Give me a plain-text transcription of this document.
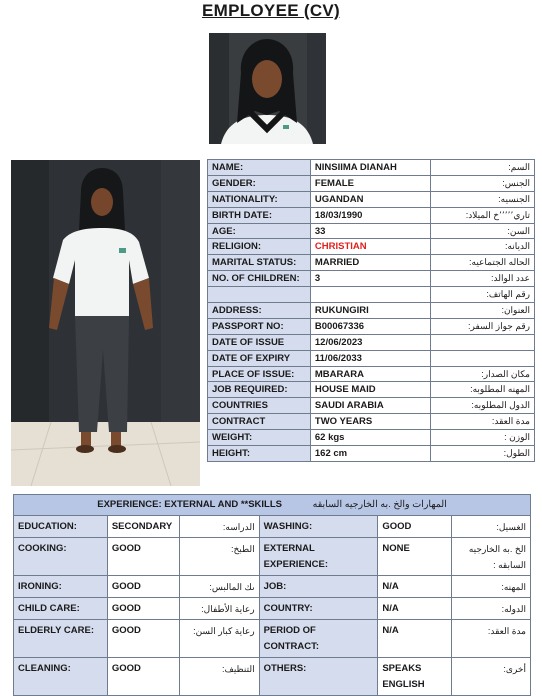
EMPLOYEE (CV)
NAME:	NINSIIMA DIANAH	السم:
GENDER:	FEMALE	الجنس:
NATIONALITY:	UGANDAN	الجنسيه:
BIRTH DATE:	18/03/1990	تاري٬٬٬٬٬خ الميلاد:
AGE:	33	السن:
RELIGION:	CHRISTIAN	الديانه:
MARITAL STATUS:	MARRIED	الحاله الجتماعيه:
NO. OF CHILDREN:	3	عدد الوالد:
		رقم الهاتف:
ADDRESS:	RUKUNGIRI	العنوان:
PASSPORT NO:	B00067336	رقم جواز السفر:
DATE OF ISSUE	12/06/2023	
DATE OF EXPIRY	11/06/2033	
PLACE OF ISSUE:	MBARARA	مكان الصدار:
JOB REQUIRED:	HOUSE MAID	المهنه المطلوبه:
COUNTRIES	SAUDI ARABIA	الدول المطلوبه:
CONTRACT	TWO YEARS	مدة العقد:
WEIGHT:	62 kgs	الوزن :
HEIGHT:	162 cm	الطول:
EXPERIENCE: EXTERNAL AND **SKILLS المهارات والخ .به الخارجيه السابقه					
EDUCATION:	SECONDARY	الدراسه:	WASHING:	GOOD	الغسيل:
COOKING:	GOOD	الطبخ:	EXTERNAL EXPERIENCE:	NONE	الخ .به الخارجيه السابقه :
IRONING:	GOOD	ىك المالبس:	JOB:	N/A	المهنه:
CHILD CARE:	GOOD	رعاية الأطفال:	COUNTRY:	N/A	الدوله:
ELDERLY CARE:	GOOD	رعاية كبار السن:	PERIOD OF CONTRACT:	N/A	مدة العقد:
CLEANING:	GOOD	التنظيف:	OTHERS:	SPEAKS ENGLISH	أخرى:
